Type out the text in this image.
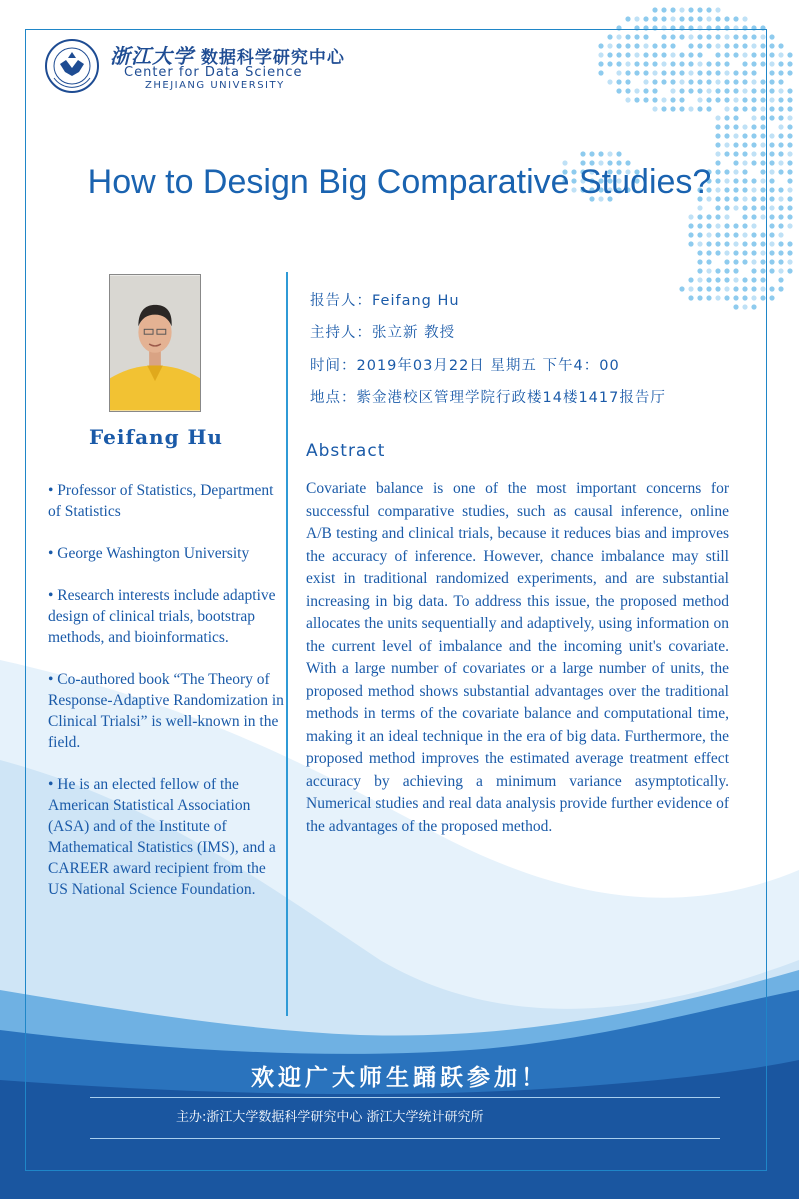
浙江大学 数据科学研究中心
Center for Data Science
ZHEJIANG UNIVERSITY
How to Design Big Comparative Studies?
Feifang Hu

• Professor of Statistics, Department of Statistics

• George Washington University

• Research interests include adaptive design of clinical trials, bootstrap methods, and bioinformatics.

• Co-authored book “The Theory of Response-Adaptive Randomization in Clinical Trialsi” is well-known in the field.

• He is an elected fellow of the American Statistical Association (ASA) and of the Institute of Mathematical Statistics (IMS), and a CAREER award recipient from the US National Science Foundation.

报告人：Feifang Hu
主持人：张立新 教授
时间：2019年03月22日 星期五 下午4：00
地点：紫金港校区管理学院行政楼14楼1417报告厅
Abstract

Covariate balance is one of the most important concerns for successful comparative studies, such as causal inference, online A/B testing and clinical trials, because it reduces bias and improves the accuracy of inference. However, chance imbalance may still exist in traditional randomized experiments, and are substantial increasing in big data. To address this issue, the proposed method allocates the units sequentially and adaptively, using information on the current level of imbalance and the incoming unit's covariate. With a large number of covariates or a large number of units, the proposed method shows substantial advantages over the traditional methods in terms of the covariate balance and computational time, making it an ideal technique in the era of big data. Furthermore, the proposed method improves the estimated average treatment effect accuracy by achieving a minimum variance asymptotically. Numerical studies and real data analysis provide further evidence of the advantages of the proposed method.

欢迎广大师生踊跃参加！
主办:浙江大学数据科学研究中心 浙江大学统计研究所
